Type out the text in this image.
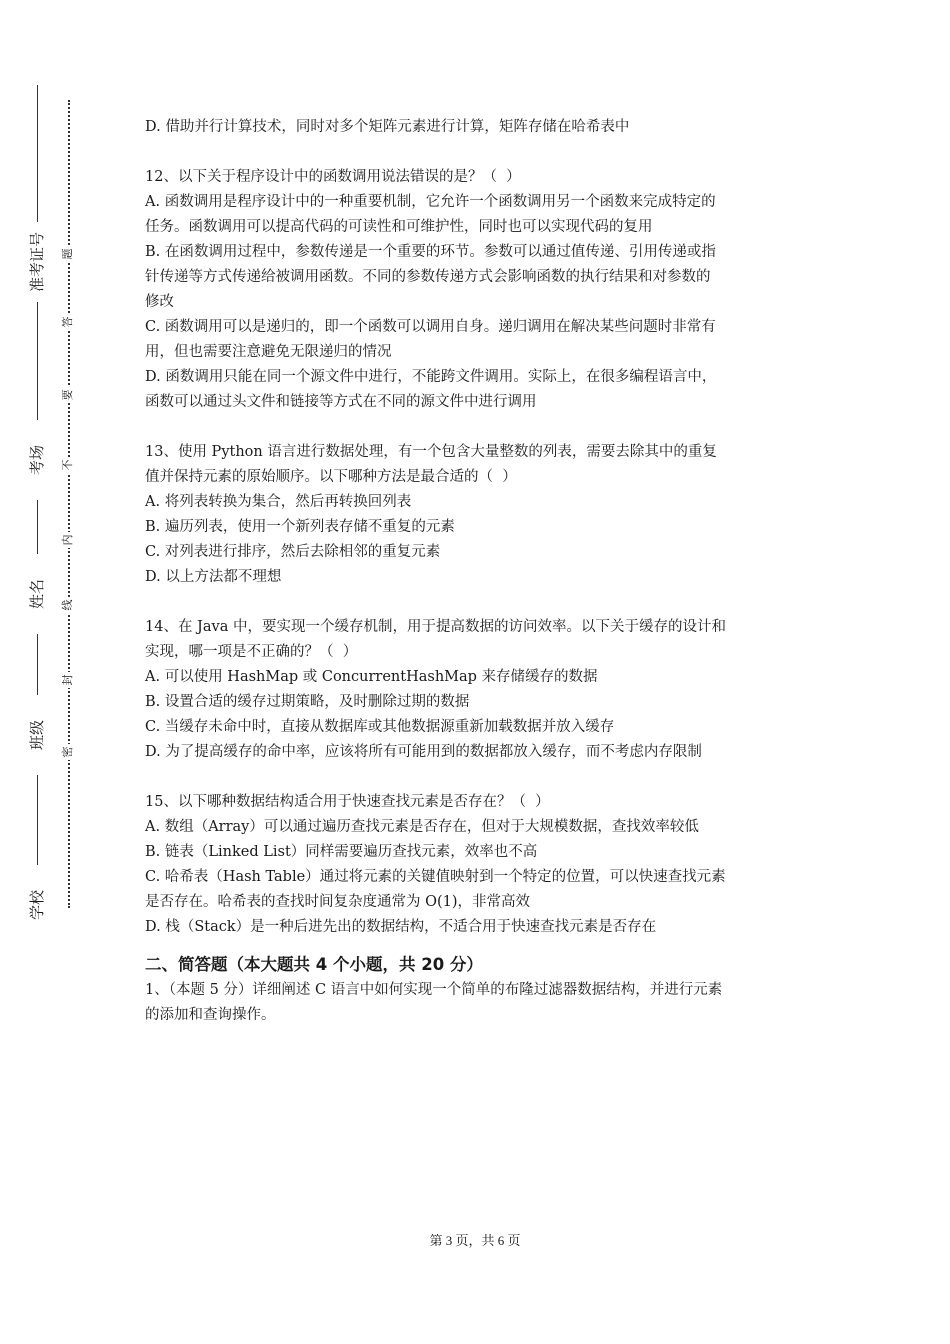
准考证号
考场
姓名
班级
学校
题
答
要
不
内
线
封
密
D. 借助并行计算技术，同时对多个矩阵元素进行计算，矩阵存储在哈希表中
12、以下关于程序设计中的函数调用说法错误的是？（  ）
A. 函数调用是程序设计中的一种重要机制，它允许一个函数调用另一个函数来完成特定的
任务。函数调用可以提高代码的可读性和可维护性，同时也可以实现代码的复用
B. 在函数调用过程中，参数传递是一个重要的环节。参数可以通过值传递、引用传递或指
针传递等方式传递给被调用函数。不同的参数传递方式会影响函数的执行结果和对参数的
修改
C. 函数调用可以是递归的，即一个函数可以调用自身。递归调用在解决某些问题时非常有
用，但也需要注意避免无限递归的情况
D. 函数调用只能在同一个源文件中进行，不能跨文件调用。实际上，在很多编程语言中，
函数可以通过头文件和链接等方式在不同的源文件中进行调用
13、使用 Python 语言进行数据处理，有一个包含大量整数的列表，需要去除其中的重复
值并保持元素的原始顺序。以下哪种方法是最合适的（  ）
A. 将列表转换为集合，然后再转换回列表
B. 遍历列表，使用一个新列表存储不重复的元素
C. 对列表进行排序，然后去除相邻的重复元素
D. 以上方法都不理想
14、在 Java 中，要实现一个缓存机制，用于提高数据的访问效率。以下关于缓存的设计和
实现，哪一项是不正确的？（  ）
A. 可以使用 HashMap 或 ConcurrentHashMap 来存储缓存的数据
B. 设置合适的缓存过期策略，及时删除过期的数据
C. 当缓存未命中时，直接从数据库或其他数据源重新加载数据并放入缓存
D. 为了提高缓存的命中率，应该将所有可能用到的数据都放入缓存，而不考虑内存限制
15、以下哪种数据结构适合用于快速查找元素是否存在？（  ）
A. 数组（Array）可以通过遍历查找元素是否存在，但对于大规模数据，查找效率较低
B. 链表（Linked List）同样需要遍历查找元素，效率也不高
C. 哈希表（Hash Table）通过将元素的关键值映射到一个特定的位置，可以快速查找元素
是否存在。哈希表的查找时间复杂度通常为 O(1)，非常高效
D. 栈（Stack）是一种后进先出的数据结构，不适合用于快速查找元素是否存在
二、简答题（本大题共 4 个小题，共 20 分）
1、（本题 5 分）详细阐述 C 语言中如何实现一个简单的布隆过滤器数据结构，并进行元素
的添加和查询操作。
第 3 页，共 6 页
